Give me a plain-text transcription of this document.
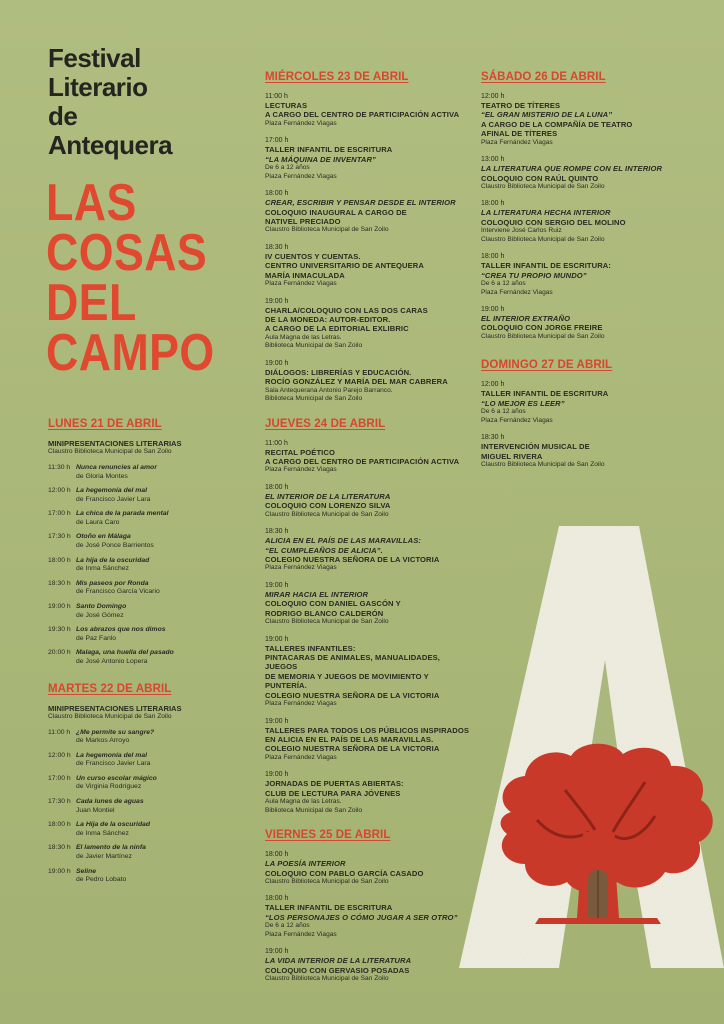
Festival
Literario
de
Antequera
LAS
COSAS
DEL
CAMPO
LUNES 21 DE ABRIL
MINIPRESENTACIONES LITERARIAS
Claustro Biblioteca Municipal de San Zoilo
11:30 h Nunca renuncies al amor
de Gloria Montes
12:00 h La hegemonía del mal
de Francisco Javier Lara
17:00 h La chica de la parada mental
de Laura Caro
17:30 h Otoño en Málaga
de José Ponce Barrientos
18:00 h La hija de la oscuridad
de Inma Sánchez
18:30 h Mis paseos por Ronda
de Francisco García Vicario
19:00 h Santo Domingo
de José Gómez
19:30 h Los abrazos que nos dimos
de Paz Fanlo
20:00 h Malaga, una huella del pasado
de José Antonio Lopera
MARTES 22 DE ABRIL
MINIPRESENTACIONES LITERARIAS
Claustro Biblioteca Municipal de San Zoilo
11:00 h ¿Me permite su sangre?
de Markos Arroyo
12:00 h La hegemonía del mal
de Francisco Javier Lara
17:00 h Un curso escolar mágico
de Virginia Rodríguez
17:30 h Cada lunes de aguas
Juan Montiel
18:00 h La Hija de la oscuridad
de Inma Sánchez
18:30 h El lamento de la ninfa
de Javier Martínez
19:00 h Seline
de Pedro Lobato
MIÉRCOLES 23 DE ABRIL
11:00 h
LECTURAS
A CARGO DEL CENTRO DE PARTICIPACIÓN ACTIVA
Plaza Fernández Viagas
17:00 h
TALLER INFANTIL DE ESCRITURA
“LA MÁQUINA DE INVENTAR”
De 6 a 12 años
Plaza Fernández Viagas
18:00 h
CREAR, ESCRIBIR Y PENSAR DESDE EL INTERIOR
COLOQUIO INAUGURAL A CARGO DE
NATIVEL PRECIADO
Claustro Biblioteca Municipal de San Zoilo
18:30 h
IV CUENTOS Y CUENTAS.
CENTRO UNIVERSITARIO DE ANTEQUERA
MARÍA INMACULADA
Plaza Fernández Viagas
19:00 h
CHARLA/COLOQUIO CON LAS DOS CARAS
DE LA MONEDA: AUTOR-EDITOR.
A CARGO DE LA EDITORIAL EXLIBRIC
Aula Magna de las Letras.
Biblioteca Municipal de San Zoilo
19:00 h
DIÁLOGOS: LIBRERÍAS Y EDUCACIÓN.
ROCÍO GONZÁLEZ Y MARÍA DEL MAR CABRERA
Sala Antequerana Antonio Parejo Barranco.
Biblioteca Municipal de San Zoilo
JUEVES 24 DE ABRIL
11:00 h
RECITAL POÉTICO
A CARGO DEL CENTRO DE PARTICIPACIÓN ACTIVA
Plaza Fernández Viagas
18:00 h
EL INTERIOR DE LA LITERATURA
COLOQUIO CON LORENZO SILVA
Claustro Biblioteca Municipal de San Zoilo
18:30 h
ALICIA EN EL PAÍS DE LAS MARAVILLAS:
“EL CUMPLEAÑOS DE ALICIA”.
COLEGIO NUESTRA SEÑORA DE LA VICTORIA
Plaza Fernández Viagas
19:00 h
MIRAR HACIA EL INTERIOR
COLOQUIO CON DANIEL GASCÓN Y
RODRIGO BLANCO CALDERÓN
Claustro Biblioteca Municipal de San Zoilo
19:00 h
TALLERES INFANTILES:
PINTACARAS DE ANIMALES, MANUALIDADES, JUEGOS
DE MEMORIA Y JUEGOS DE MOVIMIENTO Y PUNTERÍA.
COLEGIO NUESTRA SEÑORA DE LA VICTORIA
Plaza Fernández Viagas
19:00 h
TALLERES PARA TODOS LOS PÚBLICOS INSPIRADOS
EN ALICIA EN EL PAÍS DE LAS MARAVILLAS.
COLEGIO NUESTRA SEÑORA DE LA VICTORIA
Plaza Fernández Viagas
19:00 h
JORNADAS DE PUERTAS ABIERTAS:
CLUB DE LECTURA PARA JÓVENES
Aula Magna de las Letras.
Biblioteca Municipal de San Zoilo
VIERNES 25 DE ABRIL
18:00 h
LA POESÍA INTERIOR
COLOQUIO CON PABLO GARCÍA CASADO
Claustro Biblioteca Municipal de San Zoilo
18:00 h
TALLER INFANTIL DE ESCRITURA
“LOS PERSONAJES O CÓMO JUGAR A SER OTRO”
De 6 a 12 años
Plaza Fernández Viagas
19:00 h
LA VIDA INTERIOR DE LA LITERATURA
COLOQUIO CON GERVASIO POSADAS
Claustro Biblioteca Municipal de San Zoilo
SÁBADO 26 DE ABRIL
12:00 h
TEATRO DE TÍTERES
“EL GRAN MISTERIO DE LA LUNA”
A CARGO DE LA COMPAÑÍA DE TEATRO
AFINAL DE TÍTERES
Plaza Fernández Viagas
13:00 h
LA LITERATURA QUE ROMPE CON EL INTERIOR
COLOQUIO CON RAÚL QUINTO
Claustro Biblioteca Municipal de San Zoilo
18:00 h
LA LITERATURA HECHA INTERIOR
COLOQUIO CON SERGIO DEL MOLINO
Interviene José Carlos Ruiz
Claustro Biblioteca Municipal de San Zoilo
18:00 h
TALLER INFANTIL DE ESCRITURA:
“CREA TU PROPIO MUNDO”
De 6 a 12 años
Plaza Fernández Viagas
19:00 h
EL INTERIOR EXTRAÑO
COLOQUIO CON JORGE FREIRE
Claustro Biblioteca Municipal de San Zoilo
DOMINGO 27 DE ABRIL
12:00 h
TALLER INFANTIL DE ESCRITURA
“LO MEJOR ES LEER”
De 6 a 12 años
Plaza Fernández Viagas
18:30 h
INTERVENCIÓN MUSICAL DE
MIGUEL RIVERA
Claustro Biblioteca Municipal de San Zoilo
